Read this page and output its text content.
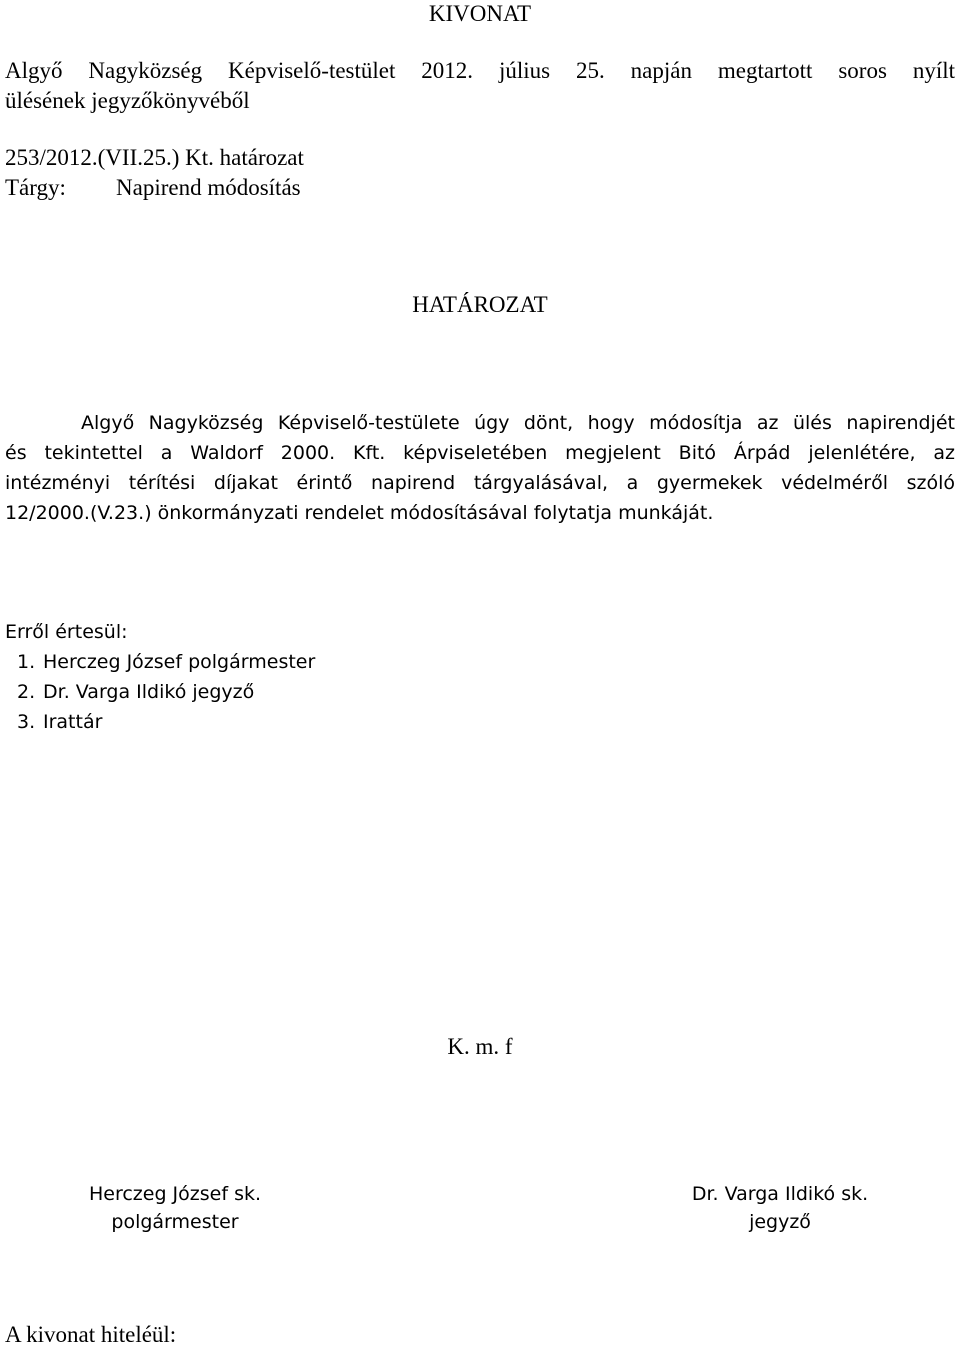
KIVONAT
Algyő Nagyközség Képviselő-testület 2012. július 25. napján megtartott soros nyílt
ülésének jegyzőkönyvéből
253/2012.(VII.25.) Kt. határozat
Tárgy: Napirend módosítás
HATÁROZAT
Algyő Nagyközség Képviselő-testülete úgy dönt, hogy módosítja az ülés napirendjét
és tekintettel a Waldorf 2000. Kft. képviseletében megjelent Bitó Árpád jelenlétére, az
intézményi térítési díjakat érintő napirend tárgyalásával, a gyermekek védelméről szóló
12/2000.(V.23.) önkormányzati rendelet módosításával folytatja munkáját.
Erről értesül:
1. Herczeg József polgármester
2. Dr. Varga Ildikó jegyző
3. Irattár
K. m. f
Herczeg József sk.
polgármester
Dr. Varga Ildikó sk.
jegyző
A kivonat hiteléül:
